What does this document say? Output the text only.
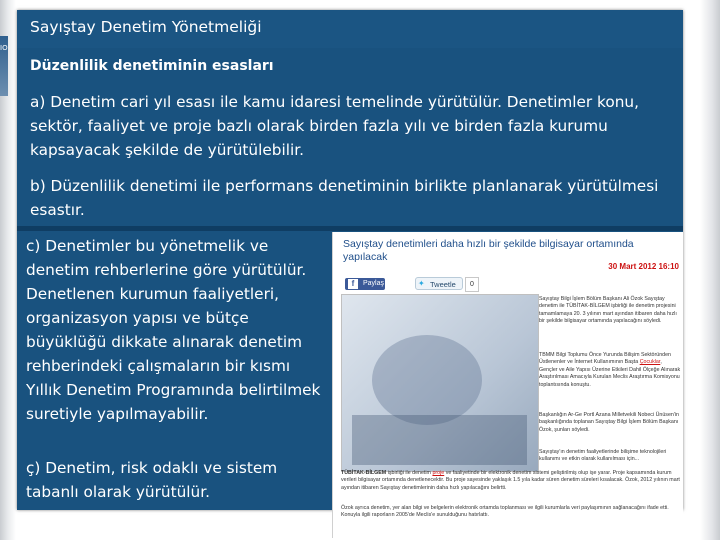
IO
Sayıştay Denetim Yönetmeliği
Düzenlilik denetiminin esasları
a) Denetim cari yıl esası ile kamu idaresi temelinde yürütülür. Denetimler konu, sektör, faaliyet ve proje bazlı olarak birden fazla yılı ve birden fazla kurumu kapsayacak şekilde de yürütülebilir.
b) Düzenlilik denetimi ile performans denetiminin birlikte planlanarak yürütülmesi esastır.
c) Denetimler bu yönetmelik ve denetim rehberlerine göre yürütülür. Denetlenen kurumun faaliyetleri, organizasyon yapısı ve bütçe büyüklüğü dikkate alınarak denetim rehberindeki çalışmaların bir kısmı Yıllık Denetim Programında belirtilmek suretiyle yapılmayabilir.
ç) Denetim, risk odaklı ve sistem tabanlı olarak yürütülür.
Sayıştay denetimleri daha hızlı bir şekilde bilgisayar ortamında yapılacak
30 Mart 2012 16:10
f	Paylaş	✦ Tweetle	0
Sayıştay Bilgi İşlem Bölüm Başkanı Ali Özok Sayıştay denetim ile TÜBİTAK-BİLGEM işbirliği ile denetim projesini tamamlamaya 20. 3 yılının mart ayından itibaren daha hızlı bir şekilde bilgisayar ortamında yapılacağını söyledi.
TBMM Bilgi Toplumu Önce Yurunda Bilişim Sektöründen Üstlenenler ve İnternet Kullanımının Başta Çocuklar, Gençler ve Aile Yapısı Üzerine Etkileri Dahil Ölçeğe Alınarak Araştırılması Amacıyla Kurulan Meclis Araştırma Komisyonu toplantısında konuştu.
Başkanlığın Ar-Ge Portl Azana Milletvekili Nobeci Ünüsen'in başkanlığında toplanan Sayıştay Bilgi İşlem Bölüm Başkanı Özok, şunları söyledi.
Sayıştay'ın denetim faaliyetlerinde bilişime teknolojileri kullanımı ve etkin olarak kullanılması için...
TÜBİTAK-BİLGEM işbirliği ile denetim proje ve faaliyetinde bir elektronik denetim sistemi geliştirilmiş olup işe yarar. Proje kapsamında kurum verileri bilgisayar ortamında denetlenecektir. Bu proje sayesinde yaklaşık 1.5 yıla kadar süren denetim süreleri kısalacak. Özok, 2012 yılının mart ayından itibaren Sayıştay denetimlerinin daha hızlı yapılacağını belirtti.
Özok ayrıca denetim, yer alan bilgi ve belgelerin elektronik ortamda toplanması ve ilgili kurumlarla veri paylaşımının sağlanacağını ifade etti. Konuyla ilgili raporların 2005'de Meclis'e sunulduğunu hatırlattı.
